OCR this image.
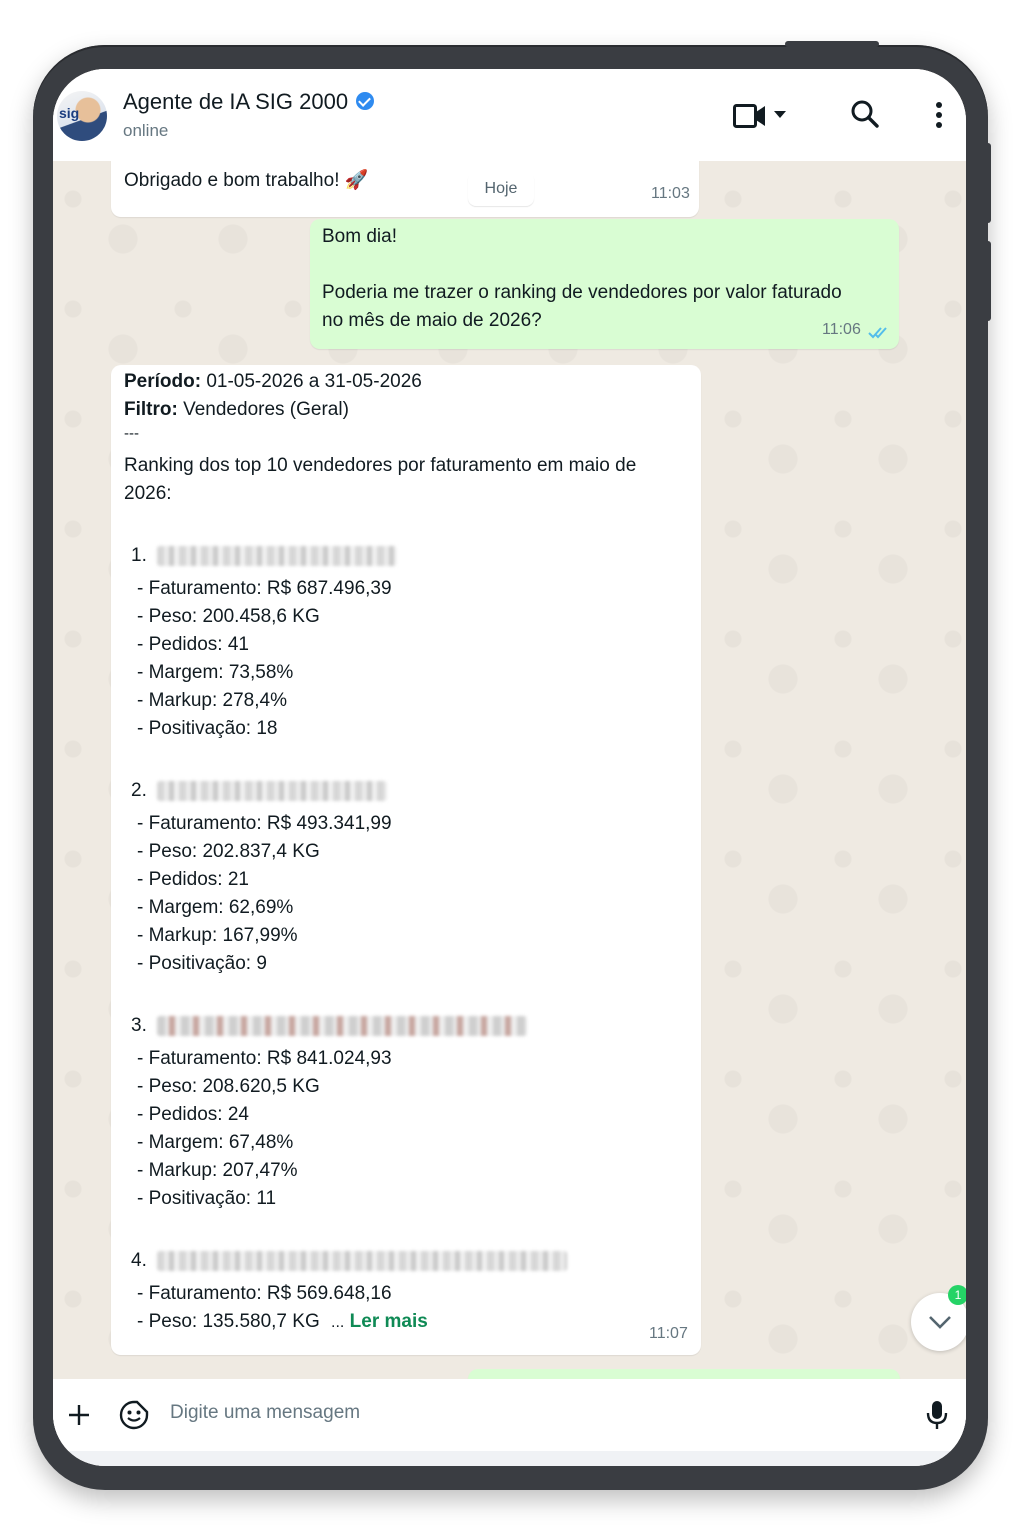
sig Agente de IA SIG 2000
online
Obrigado e bom trabalho! 🚀
11:03
Hoje
Bom dia!
Poderia me trazer o ranking de vendedores por valor faturado
no mês de maio de 2026?	11:06
Período: 01-05-2026 a 31-05-2026
Filtro: Vendedores (Geral)
---
Ranking dos top 10 vendedores por faturamento em maio de
2026:
1.
- Faturamento: R$ 687.496,39
- Peso: 200.458,6 KG
- Pedidos: 41
- Margem: 73,58%
- Markup: 278,4%
- Positivação: 18
2.
- Faturamento: R$ 493.341,99
- Peso: 202.837,4 KG
- Pedidos: 21
- Margem: 62,69%
- Markup: 167,99%
- Positivação: 9
3.
- Faturamento: R$ 841.024,93
- Peso: 208.620,5 KG
- Pedidos: 24
- Margem: 67,48%
- Markup: 207,47%
- Positivação: 11
4.
- Faturamento: R$ 569.648,16
- Peso: 135.580,7 KG ... Ler mais
11:07
1
Digite uma mensagem
